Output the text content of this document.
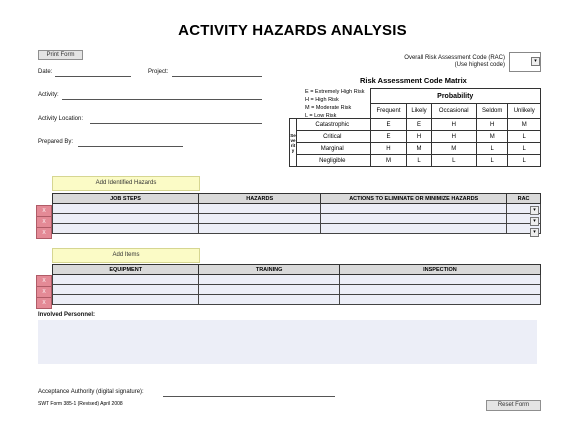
ACTIVITY HAZARDS ANALYSIS
Print Form	Overall Risk Assessment Code (RAC)
(Use highest code)
▾
Date:	Project:
Activity:
Activity Location:
Prepared By:
Risk Assessment Code Matrix
E = Extremely High Risk
H = High Risk
M = Moderate Risk
L = Low Risk
		Probability				
		Frequent	Likely	Occasional	Seldom	Unlikely
Severity	Catastrophic	E	E	H	H	M
	Critical	E	H	H	M	L
	Marginal	H	M	M	L	L
	Negligible	M	L	L	L	L
Add Identified Hazards
JOB STEPS	HAZARDS	ACTIONS TO ELIMINATE OR MINIMIZE HAZARDS	RAC

X
X
X
▾
▾
▾
Add Items
EQUIPMENT	TRAINING	INSPECTION

X
X
X
Involved Personnel:
Acceptance Authority (digital signature):
SWT Form 385-1 (Revised) April 2008	Reset Form
